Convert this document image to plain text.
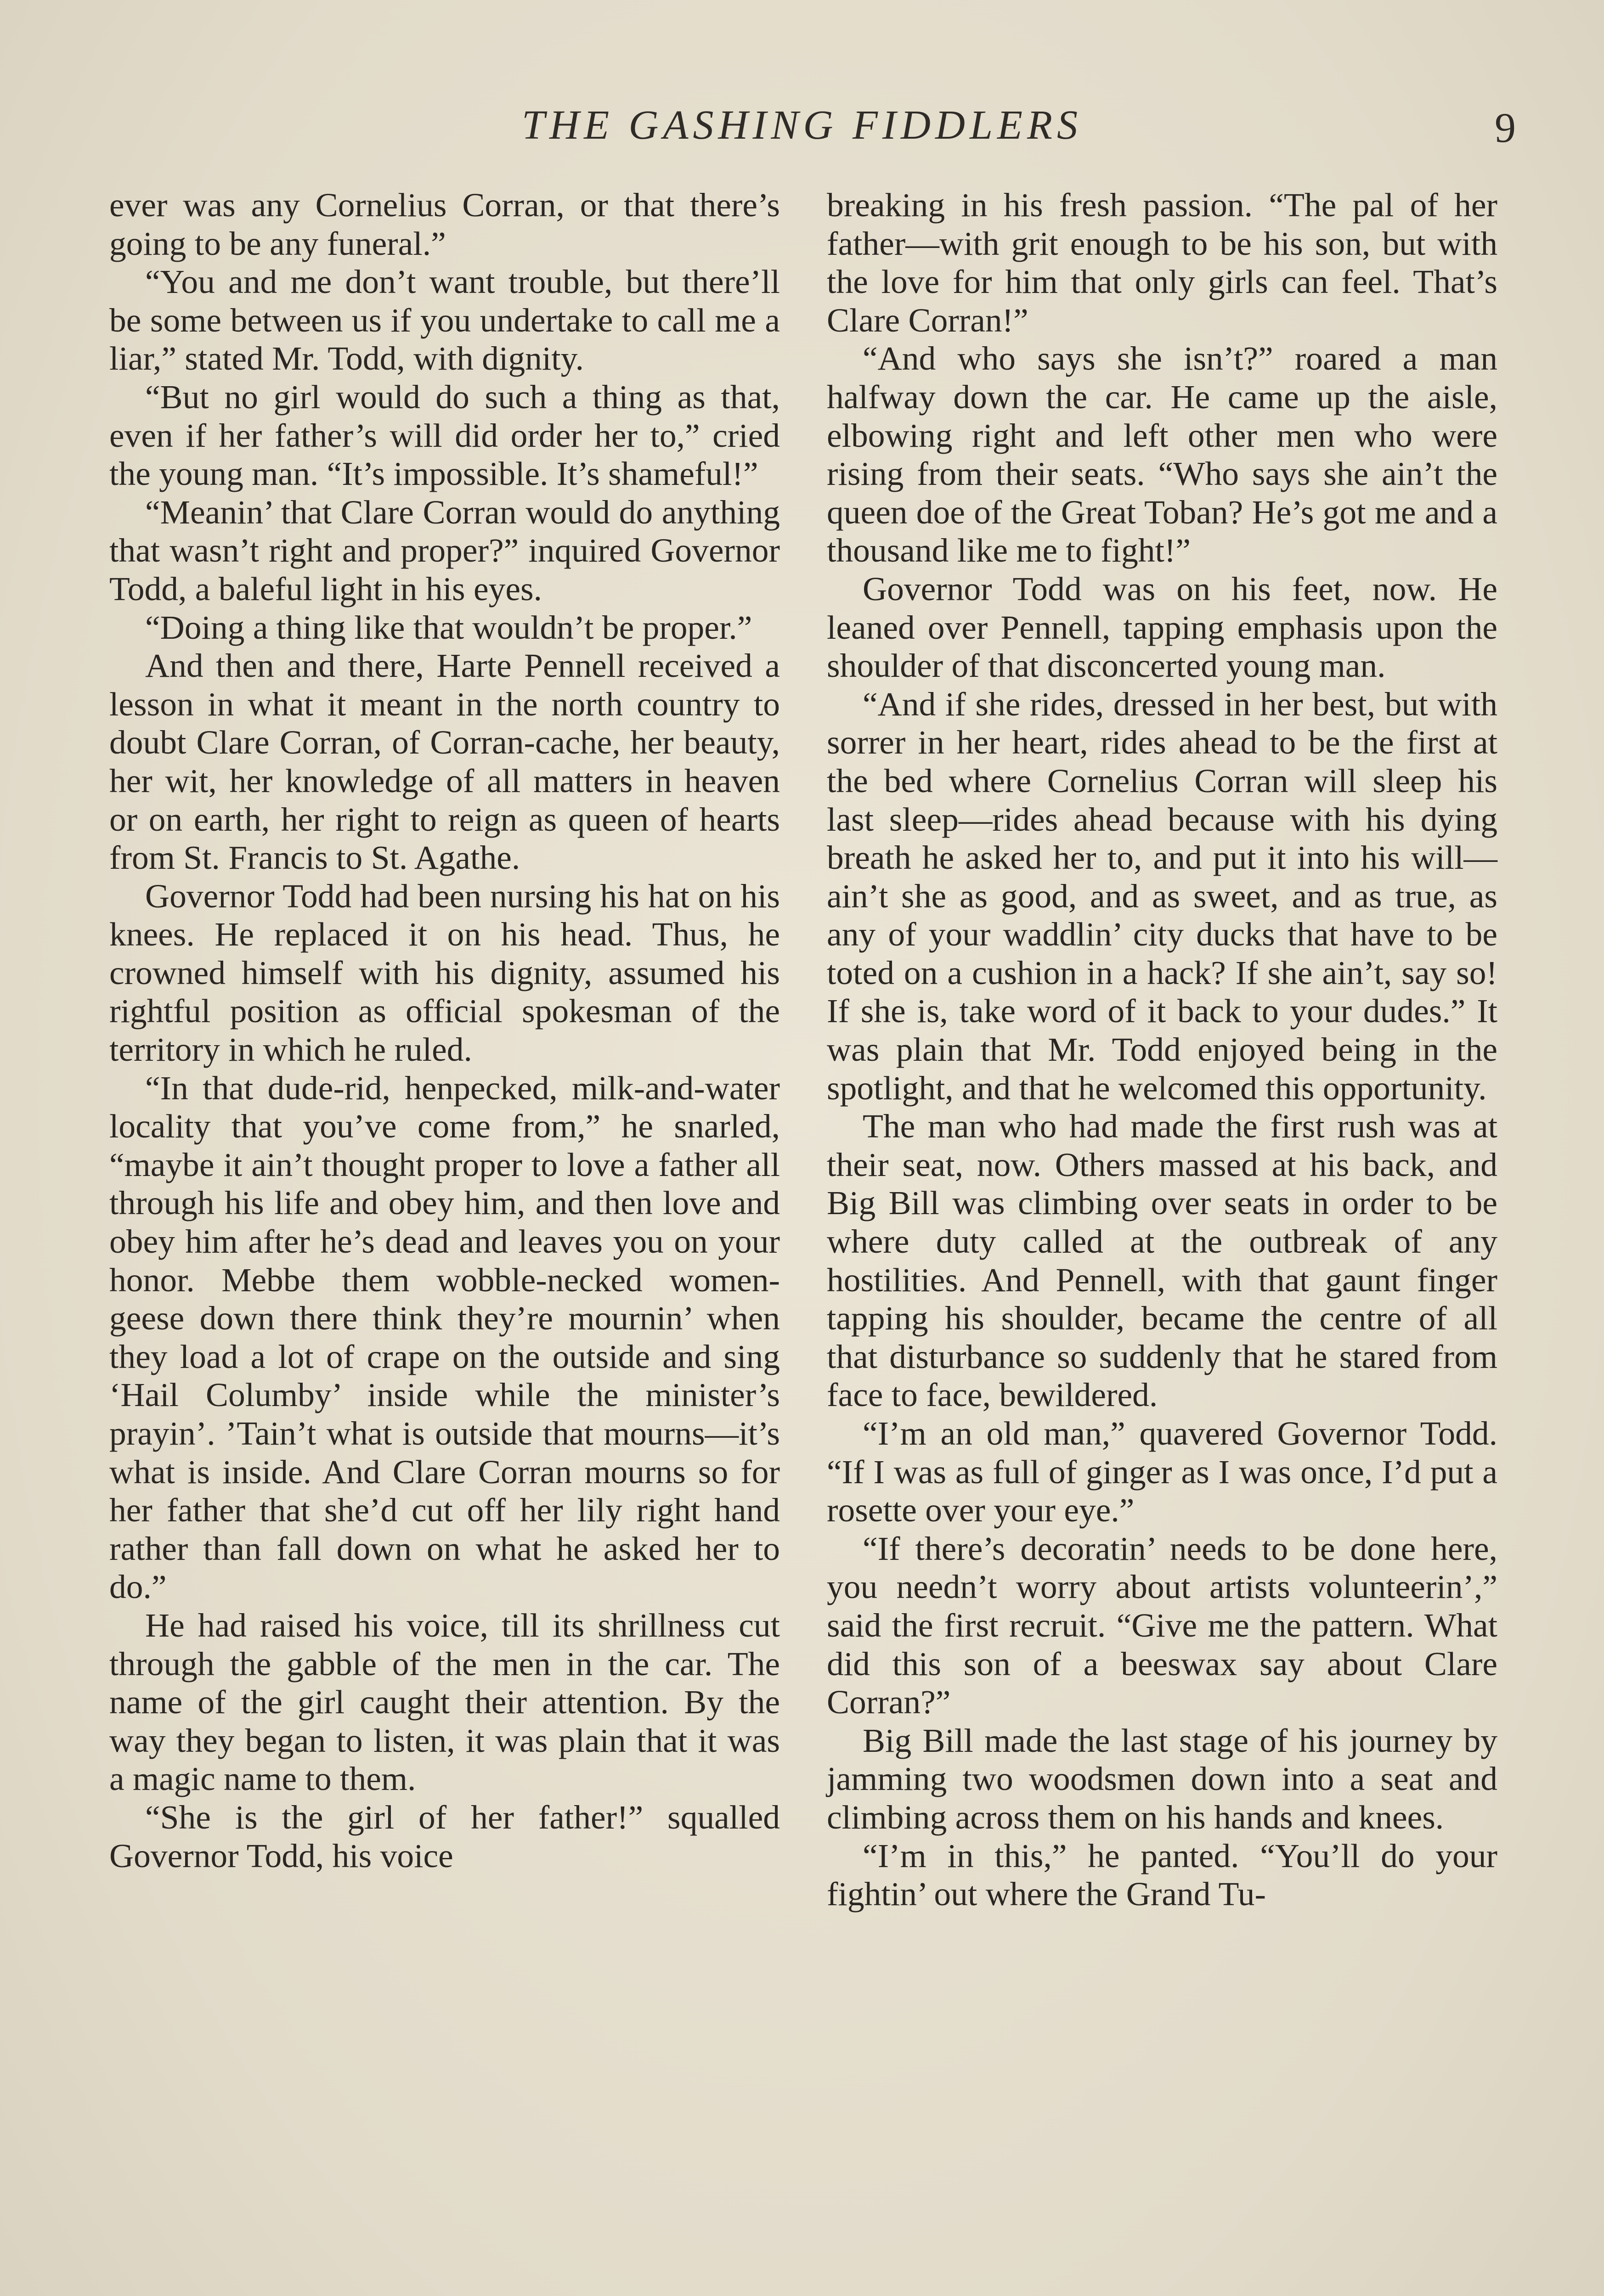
THE GASHING FIDDLERS	9

ever was any Cornelius Corran, or that there’s going to be any funeral.”

“You and me don’t want trouble, but there’ll be some between us if you undertake to call me a liar,” stated Mr. Todd, with dignity.

“But no girl would do such a thing as that, even if her father’s will did order her to,” cried the young man. “It’s impossible. It’s shameful!”

“Meanin’ that Clare Corran would do anything that wasn’t right and proper?” inquired Governor Todd, a baleful light in his eyes.

“Doing a thing like that wouldn’t be proper.”

And then and there, Harte Pennell received a lesson in what it meant in the north country to doubt Clare Corran, of Corran-cache, her beauty, her wit, her knowledge of all matters in heaven or on earth, her right to reign as queen of hearts from St. Francis to St. Agathe.

Governor Todd had been nursing his hat on his knees. He replaced it on his head. Thus, he crowned himself with his dignity, assumed his rightful position as official spokesman of the territory in which he ruled.

“In that dude-rid, henpecked, milk-and-water locality that you’ve come from,” he snarled, “maybe it ain’t thought proper to love a father all through his life and obey him, and then love and obey him after he’s dead and leaves you on your honor. Mebbe them wobble-necked women-geese down there think they’re mournin’ when they load a lot of crape on the outside and sing ‘Hail Columby’ inside while the minister’s prayin’. ’Tain’t what is outside that mourns—it’s what is inside. And Clare Corran mourns so for her father that she’d cut off her lily right hand rather than fall down on what he asked her to do.”

He had raised his voice, till its shrillness cut through the gabble of the men in the car. The name of the girl caught their attention. By the way they began to listen, it was plain that it was a magic name to them.

“She is the girl of her father!” squalled Governor Todd, his voice

breaking in his fresh passion. “The pal of her father—with grit enough to be his son, but with the love for him that only girls can feel. That’s Clare Corran!”

“And who says she isn’t?” roared a man halfway down the car. He came up the aisle, elbowing right and left other men who were rising from their seats. “Who says she ain’t the queen doe of the Great Toban? He’s got me and a thousand like me to fight!”

Governor Todd was on his feet, now. He leaned over Pennell, tapping emphasis upon the shoulder of that disconcerted young man.

“And if she rides, dressed in her best, but with sorrer in her heart, rides ahead to be the first at the bed where Cornelius Corran will sleep his last sleep—rides ahead because with his dying breath he asked her to, and put it into his will—ain’t she as good, and as sweet, and as true, as any of your waddlin’ city ducks that have to be toted on a cushion in a hack? If she ain’t, say so! If she is, take word of it back to your dudes.” It was plain that Mr. Todd enjoyed being in the spotlight, and that he welcomed this opportunity.

The man who had made the first rush was at their seat, now. Others massed at his back, and Big Bill was climbing over seats in order to be where duty called at the outbreak of any hostilities. And Pennell, with that gaunt finger tapping his shoulder, became the centre of all that disturbance so suddenly that he stared from face to face, bewildered.

“I’m an old man,” quavered Governor Todd. “If I was as full of ginger as I was once, I’d put a rosette over your eye.”

“If there’s decoratin’ needs to be done here, you needn’t worry about artists volunteerin’,” said the first recruit. “Give me the pattern. What did this son of a beeswax say about Clare Corran?”

Big Bill made the last stage of his journey by jamming two woodsmen down into a seat and climbing across them on his hands and knees.

“I’m in this,” he panted. “You’ll do your fightin’ out where the Grand Tu-
